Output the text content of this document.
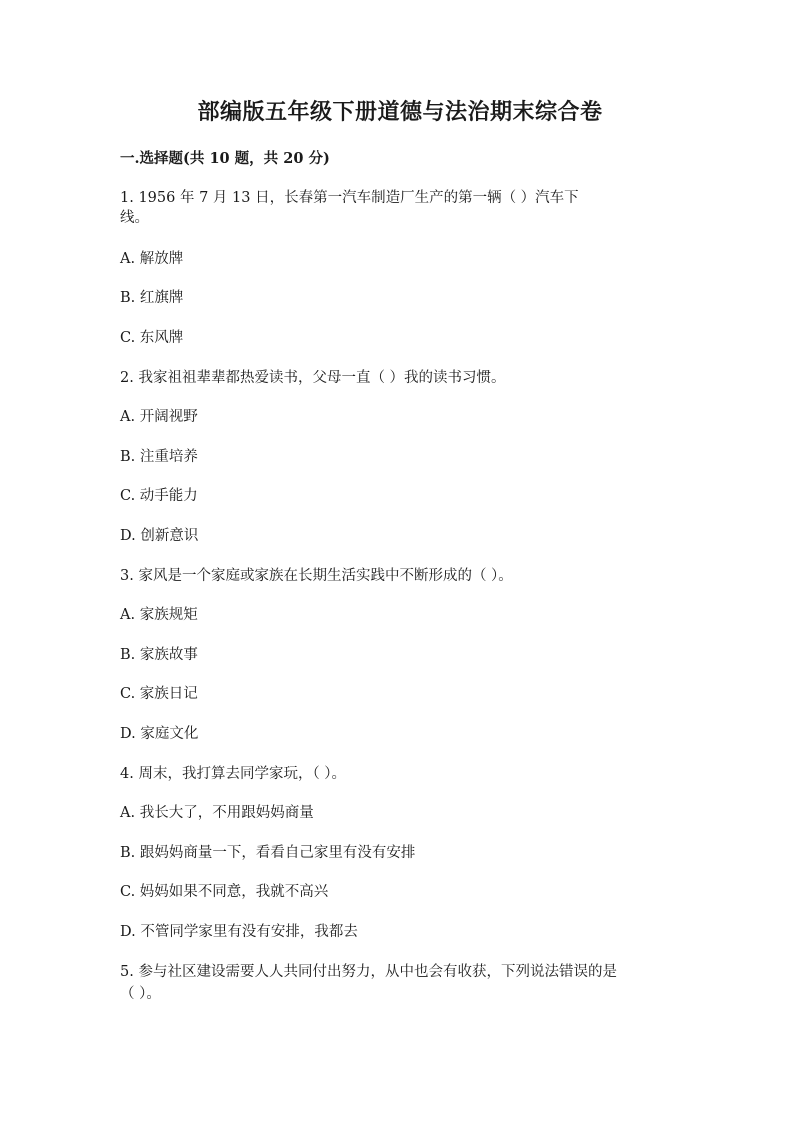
部编版五年级下册道德与法治期末综合卷
一.选择题(共 10 题，共 20 分)
1. 1956 年 7 月 13 日，长春第一汽车制造厂生产的第一辆（ ）汽车下
线。
A. 解放牌
B. 红旗牌
C. 东风牌
2. 我家祖祖辈辈都热爱读书，父母一直（ ）我的读书习惯。
A. 开阔视野
B. 注重培养
C. 动手能力
D. 创新意识
3. 家风是一个家庭或家族在长期生活实践中不断形成的（ ）。
A. 家族规矩
B. 家族故事
C. 家族日记
D. 家庭文化
4. 周末，我打算去同学家玩，（ ）。
A. 我长大了，不用跟妈妈商量
B. 跟妈妈商量一下，看看自己家里有没有安排
C. 妈妈如果不同意，我就不高兴
D. 不管同学家里有没有安排，我都去
5. 参与社区建设需要人人共同付出努力，从中也会有收获，下列说法错误的是
（ ）。
